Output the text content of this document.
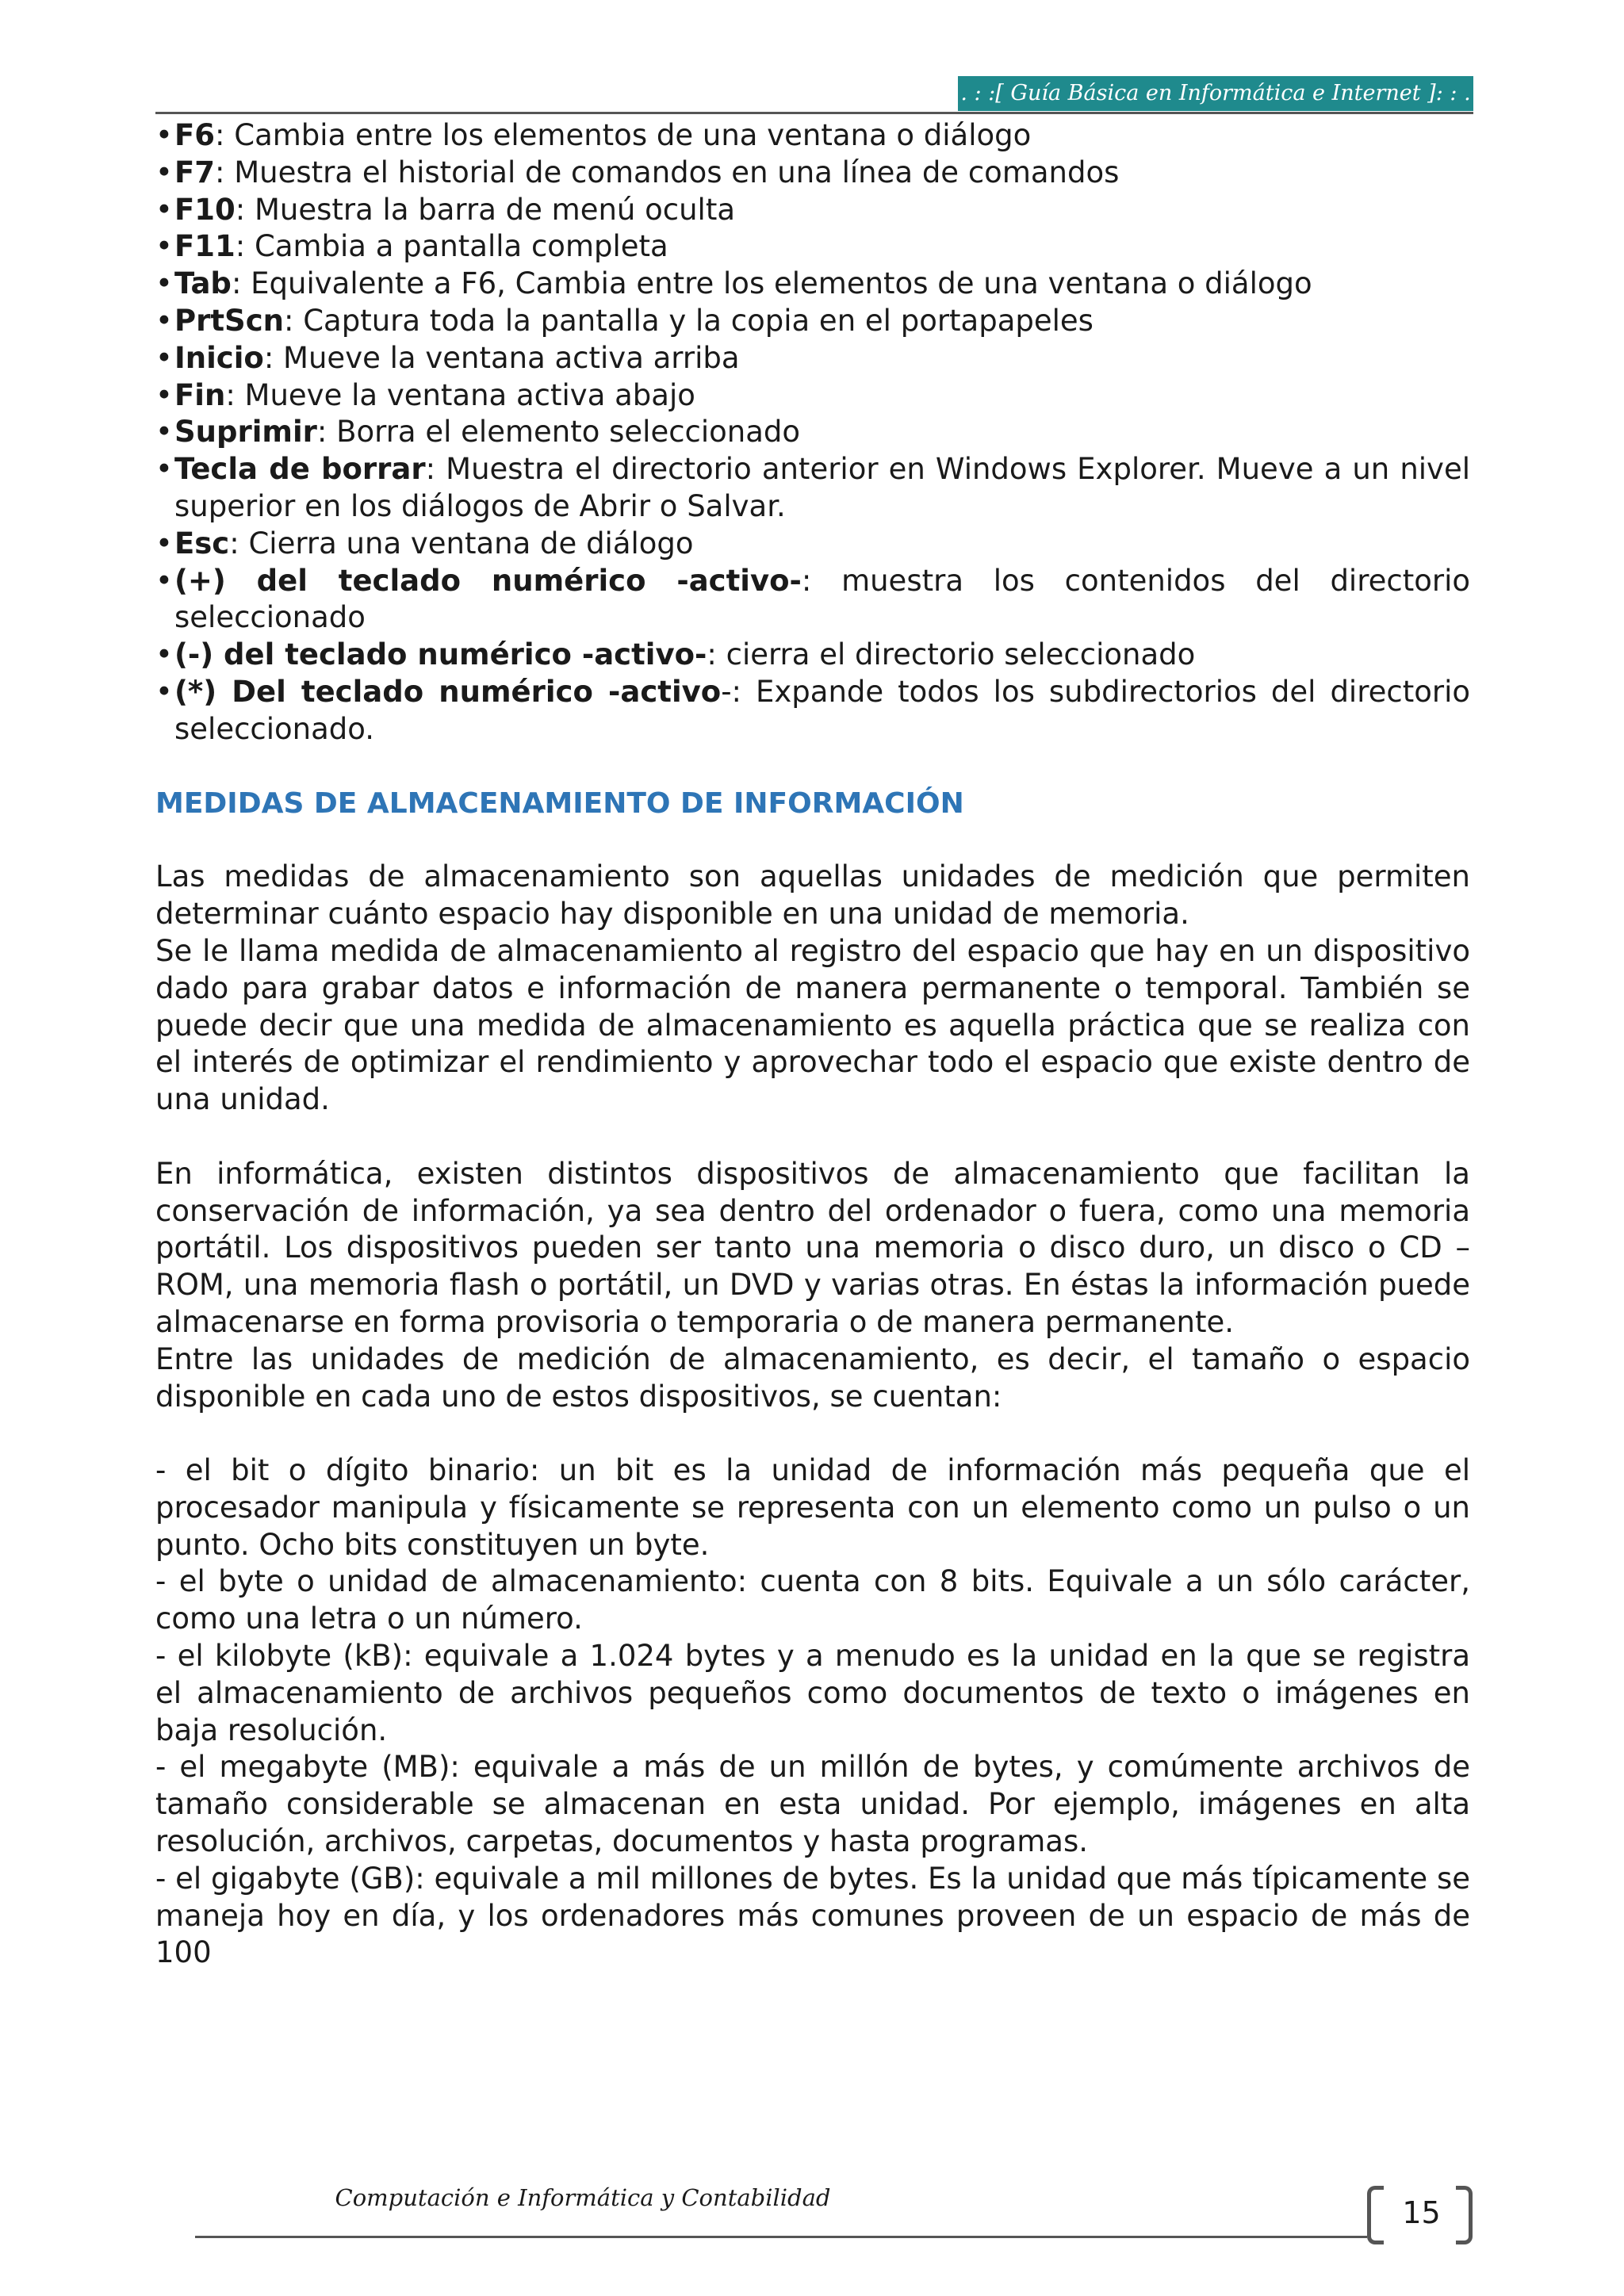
. : :[ Guía Básica en Informática e Internet ]: : .
• F6: Cambia entre los elementos de una ventana o diálogo
• F7: Muestra el historial de comandos en una línea de comandos
• F10: Muestra la barra de menú oculta
• F11: Cambia a pantalla completa
• Tab: Equivalente a F6, Cambia entre los elementos de una ventana o diálogo
• PrtScn: Captura toda la pantalla y la copia en el portapapeles
• Inicio: Mueve la ventana activa arriba
• Fin: Mueve la ventana activa abajo
• Suprimir: Borra el elemento seleccionado
• Tecla de borrar: Muestra el directorio anterior en Windows Explorer. Mueve a un nivel superior en los diálogos de Abrir o Salvar.
• Esc: Cierra una ventana de diálogo
• (+) del teclado numérico -activo-: muestra los contenidos del directorio seleccionado
• (-) del teclado numérico -activo-: cierra el directorio seleccionado
• (*) Del teclado numérico -activo-: Expande todos los subdirectorios del directorio seleccionado.
MEDIDAS DE ALMACENAMIENTO DE INFORMACIÓN

Las medidas de almacenamiento son aquellas unidades de medición que permiten determinar cuánto espacio hay disponible en una unidad de memoria.

Se le llama medida de almacenamiento al registro del espacio que hay en un dispositivo dado para grabar datos e información de manera permanente o temporal. También se puede decir que una medida de almacenamiento es aquella práctica que se realiza con el interés de optimizar el rendimiento y aprovechar todo el espacio que existe dentro de una unidad.

En informática, existen distintos dispositivos de almacenamiento que facilitan la conservación de información, ya sea dentro del ordenador o fuera, como una memoria portátil. Los dispositivos pueden ser tanto una memoria o disco duro, un disco o CD – ROM, una memoria flash o portátil, un DVD y varias otras. En éstas la información puede almacenarse en forma provisoria o temporaria o de manera permanente.

Entre las unidades de medición de almacenamiento, es decir, el tamaño o espacio disponible en cada uno de estos dispositivos, se cuentan:

- el bit o dígito binario: un bit es la unidad de información más pequeña que el procesador manipula y físicamente se representa con un elemento como un pulso o un punto. Ocho bits constituyen un byte.

- el byte o unidad de almacenamiento: cuenta con 8 bits. Equivale a un sólo carácter, como una letra o un número.

- el kilobyte (kB): equivale a 1.024 bytes y a menudo es la unidad en la que se registra el almacenamiento de archivos pequeños como documentos de texto o imágenes en baja resolución.

- el megabyte (MB): equivale a más de un millón de bytes, y comúmente archivos de tamaño considerable se almacenan en esta unidad. Por ejemplo, imágenes en alta resolución, archivos, carpetas, documentos y hasta programas.

- el gigabyte (GB): equivale a mil millones de bytes. Es la unidad que más típicamente se maneja hoy en día, y los ordenadores más comunes proveen de un espacio de más de 100

Computación e Informática y Contabilidad	15
